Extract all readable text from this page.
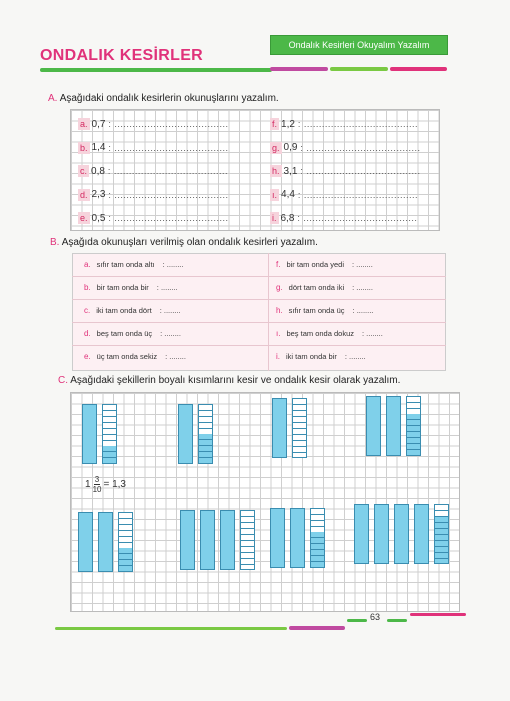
ONDALIK KESİRLER
Ondalık Kesirleri Okuyalım Yazalım
A. Aşağıdaki ondalık kesirlerin okunuşlarını yazalım.
a. 0,7 : ......................................
b. 1,4 : ......................................
c. 0,8 : ......................................
d. 2,3 : ......................................
e. 0,5 : ......................................
f. 1,2 : ......................................
g. 0,9 : ......................................
h. 3,1 : ......................................
ı. 4,4 : ......................................
i. 6,8 : ......................................
B. Aşağıda okunuşları verilmiş olan ondalık kesirleri yazalım.
a. sıfır tam onda altı : ........
b. bir tam onda bir : ........
c. iki tam onda dört : ........
d. beş tam onda üç : ........
e. üç tam onda sekiz : ........
f. bir tam onda yedi : ........
g. dört tam onda iki : ........
h. sıfır tam onda üç : ........
ı. beş tam onda dokuz : ........
i. iki tam onda bir : ........
C. Aşağıdaki şekillerin boyalı kısımlarını kesir ve ondalık kesir olarak yazalım.
$1 \frac{3}{10} = 1,3$
63
